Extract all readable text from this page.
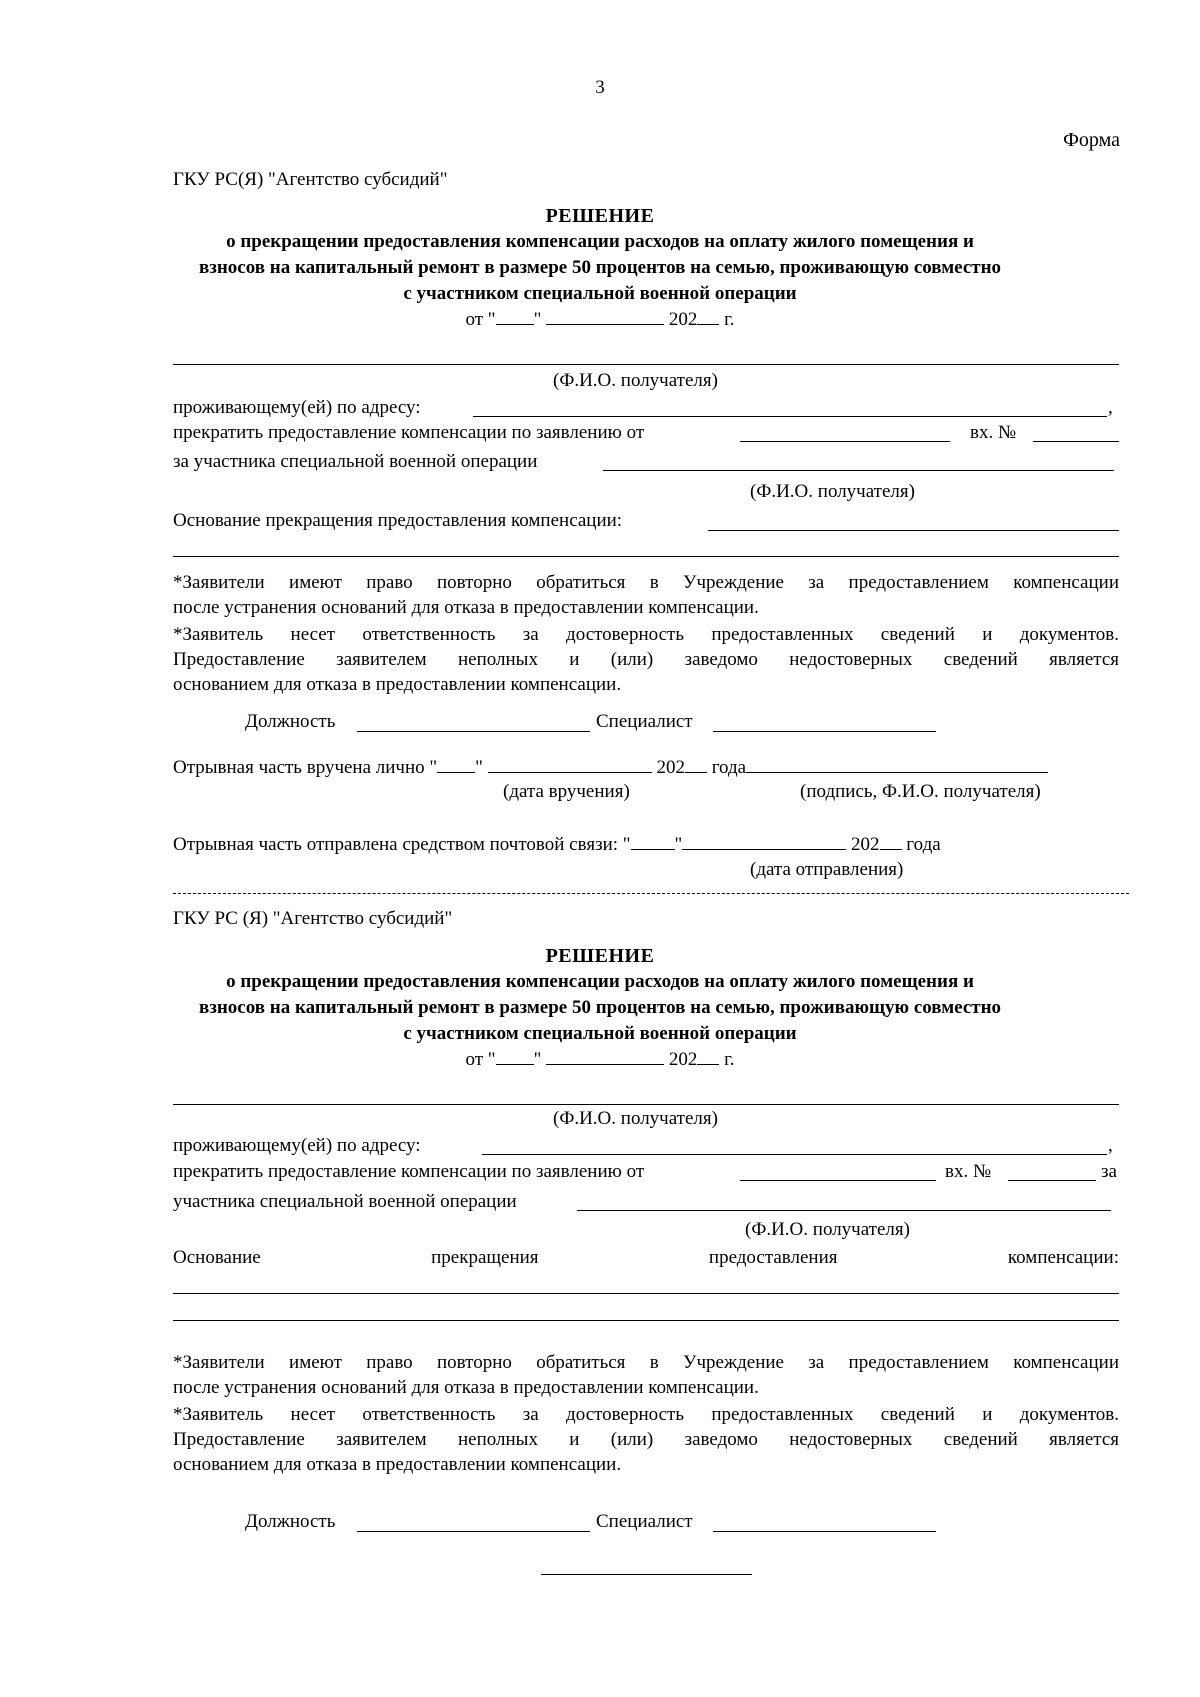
3
Форма
ГКУ РС(Я) "Агентство субсидий"
РЕШЕНИЕ
о прекращении предоставления компенсации расходов на оплату жилого помещения и
взносов на капитальный ремонт в размере 50 процентов на семью, проживающую совместно
с участником специальной военной операции
от " "	202 г.
(Ф.И.О. получателя)
проживающему(ей) по адресу:	,
прекратить предоставление компенсации по заявлению от	вх. №
за участника специальной военной операции
(Ф.И.О. получателя)
Основание прекращения предоставления компенсации:
*Заявители имеют право повторно обратиться в Учреждение за предоставлением компенсации
после устранения оснований для отказа в предоставлении компенсации.
*Заявитель несет ответственность за достоверность предоставленных сведений и документов.
Предоставление заявителем неполных и (или) заведомо недостоверных сведений является
основанием для отказа в предоставлении компенсации.
Должность	Специалист
Отрывная часть вручена лично " "	202 года
(дата вручения)	(подпись, Ф.И.О. получателя)
Отрывная часть отправлена средством почтовой связи: " "	202 года
(дата отправления)
ГКУ РС (Я) "Агентство субсидий"
РЕШЕНИЕ
о прекращении предоставления компенсации расходов на оплату жилого помещения и
взносов на капитальный ремонт в размере 50 процентов на семью, проживающую совместно
с участником специальной военной операции
от " "	202 г.
(Ф.И.О. получателя)
проживающему(ей) по адресу:	,
прекратить предоставление компенсации по заявлению от	вх. №	за
участника специальной военной операции
(Ф.И.О. получателя)
Основание	прекращения	предоставления	компенсации:
*Заявители имеют право повторно обратиться в Учреждение за предоставлением компенсации
после устранения оснований для отказа в предоставлении компенсации.
*Заявитель несет ответственность за достоверность предоставленных сведений и документов.
Предоставление заявителем неполных и (или) заведомо недостоверных сведений является
основанием для отказа в предоставлении компенсации.
Должность	Специалист
